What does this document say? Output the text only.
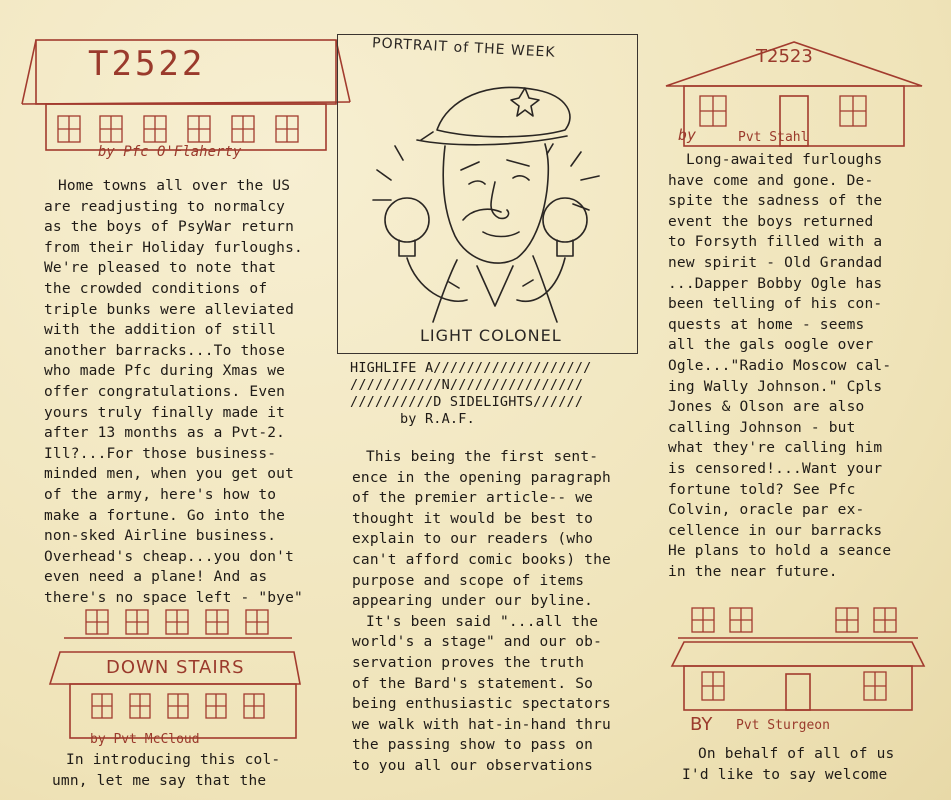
T2522
by Pfc O'Flaherty
Home towns all over the US
are readjusting to normalcy
as the boys of PsyWar return
from their Holiday furloughs.
We're pleased to note that
the crowded conditions of
triple bunks were alleviated
with the addition of still
another barracks...To those
who made Pfc during Xmas we
offer congratulations. Even
yours truly finally made it
after 13 months as a Pvt-2.
Ill?...For those business-
minded men, when you get out
of the army, here's how to
make a fortune. Go into the
non-sked Airline business.
Overhead's cheap...you don't
even need a plane! And as
there's no space left - "bye"
DOWN STAIRS
by Pvt McCloud
In introducing this col-
umn, let me say that the
PORTRAIT of THE WEEK
LIGHT COLONEL
HIGHLIFE A///////////////////
///////////N////////////////
//////////D SIDELIGHTS//////
by R.A.F.
This being the first sent-
ence in the opening paragraph
of the premier article-- we
thought it would be best to
explain to our readers (who
can't afford comic books) the
purpose and scope of items
appearing under our byline.
It's been said "...all the
world's a stage" and our ob-
servation proves the truth
of the Bard's statement. So
being enthusiastic spectators
we walk with hat-in-hand thru
the passing show to pass on
to you all our observations
T2523
by	Pvt Stahl
Long-awaited furloughs
have come and gone. De-
spite the sadness of the
event the boys returned
to Forsyth filled with a
new spirit - Old Grandad
...Dapper Bobby Ogle has
been telling of his con-
quests at home - seems
all the gals oogle over
Ogle..."Radio Moscow cal-
ing Wally Johnson." Cpls
Jones & Olson are also
calling Johnson - but
what they're calling him
is censored!...Want your
fortune told? See Pfc
Colvin, oracle par ex-
cellence in our barracks
He plans to hold a seance
in the near future.
BY Pvt Sturgeon
On behalf of all of us
I'd like to say welcome
